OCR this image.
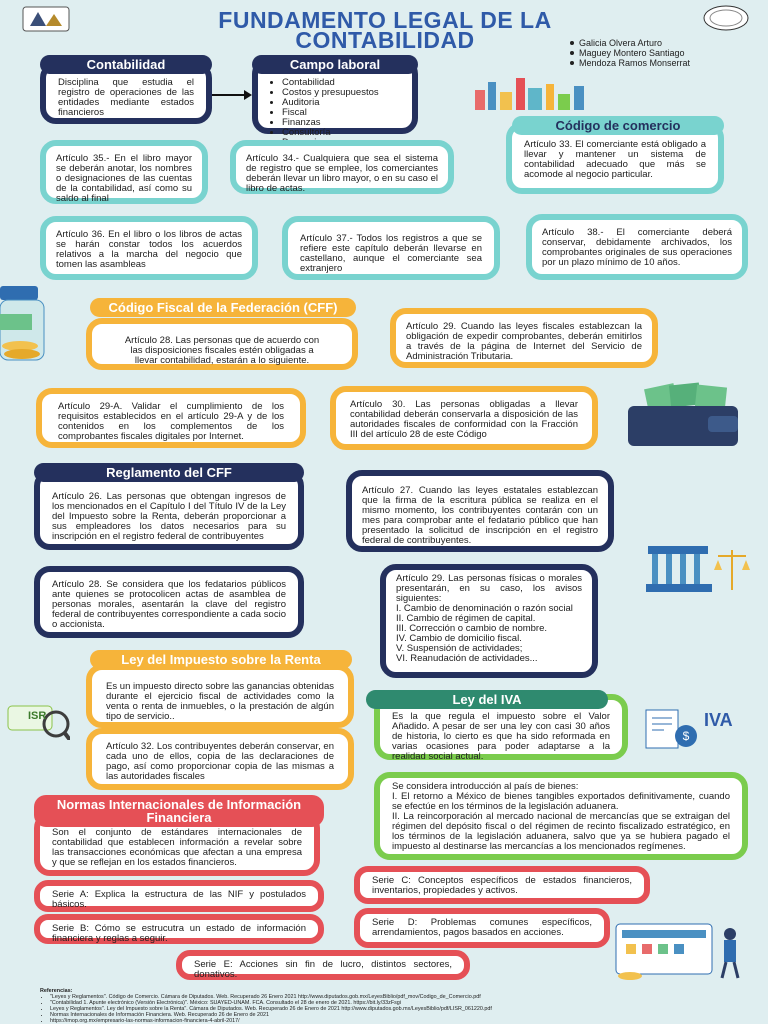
FUNDAMENTO LEGAL DE LA CONTABILIDAD	Galicia Olvera Arturo
Maguey Montero Santiago
Mendoza Ramos Monserrat
Disciplina que estudia el registro de operaciones de las entidades mediante estados financieros
Contabilidad
• Contabilidad
• Costos y presupuestos
• Auditoria
• Fiscal
• Finanzas
• Consultoría
•
Campo laboral
Artículo 33. El comerciante está obligado a llevar y mantener un sistema de contabilidad adecuado que más se acomode al negocio particular.
Código de comercio
Artículo 35.- En el libro mayor se deberán anotar, los nombres o designaciones de las cuentas de la contabilidad, así como su saldo al final
Artículo 34.- Cualquiera que sea el sistema de registro que se emplee, los comerciantes deberán llevar un libro mayor, o en su caso el libro de actas.
Artículo 36. En el libro o los libros de actas se harán constar todos los acuerdos relativos a la marcha del negocio que tomen las asambleas
Artículo 37.- Todos los registros a que se refiere este capítulo deberán llevarse en castellano, aunque el comerciante sea extranjero
Artículo 38.- El comerciante deberá conservar, debidamente archivados, los comprobantes originales de sus operaciones por un plazo mínimo de 10 años.
Artículo 28. Las personas que de acuerdo con las disposiciones fiscales estén obligadas a llevar contabilidad, estarán a lo siguiente.
Código Fiscal de la Federación (CFF)
Artículo 29. Cuando las leyes fiscales establezcan la obligación de expedir comprobantes, deberán emitirlos a través de la página de Internet del Servicio de Administración Tributaria.
Artículo 29-A. Validar el cumplimiento de los requisitos establecidos en el artículo 29-A y de los contenidos en los complementos de los comprobantes fiscales digitales por Internet.
Artículo 30. Las personas obligadas a llevar contabilidad deberán conservarla a disposición de las autoridades fiscales de conformidad con la Fracción III del artículo 28 de este Código
Artículo 26. Las personas que obtengan ingresos de los mencionados en el Capítulo I del Título IV de la Ley del Impuesto sobre la Renta, deberán proporcionar a sus empleadores los datos necesarios para su inscripción en el registro federal de contribuyentes
Reglamento del CFF
Artículo 27. Cuando las leyes estatales establezcan que la firma de la escritura pública se realiza en el mismo momento, los contribuyentes contarán con un mes para comprobar ante el fedatario público que han presentado la solicitud de inscripción en el registro federal de contribuyentes.
Artículo 28. Se considera que los fedatarios públicos ante quienes se protocolicen actas de asamblea de personas morales, asentarán la clave del registro federal de contribuyentes correspondiente a cada socio o accionista.
Artículo 29. Las personas físicas o morales presentarán, en su caso, los avisos siguientes:
I. Cambio de denominación o razón social
II. Cambio de régimen de capital.
III. Corrección o cambio de nombre.
IV. Cambio de domicilio fiscal.
V. Suspensión de actividades;
VI. Reanudación de actividades...
Es un impuesto directo sobre las ganancias obtenidas durante el ejercicio fiscal de actividades como la venta o renta de inmuebles, o la prestación de algún tipo de servicio..
Ley del Impuesto sobre la Renta
ISR
Artículo 32. Los contribuyentes deberán conservar, en cada uno de ellos, copia de las declaraciones de pago, así como proporcionar copia de las mismas a las autoridades fiscales
Es la que regula el impuesto sobre el Valor Añadido. A pesar de ser una ley con casi 30 años de historia, lo cierto es que ha sido reformada en varias ocasiones para poder adaptarse a la realidad social actual.
Ley del IVA
$
IVA
Se considera introducción al país de bienes:
I. El retorno a México de bienes tangibles exportados definitivamente, cuando se efectúe en los términos de la legislación aduanera.
II. La reincorporación al mercado nacional de mercancías que se extraigan del régimen del depósito fiscal o del régimen de recinto fiscalizado estratégico, en los términos de la legislación aduanera, salvo que ya se hubiera pagado el impuesto al destinarse las mercancías a los mencionados regímenes.
Son el conjunto de estándares internacionales de contabilidad que establecen información a revelar sobre las transacciones económicas que afectan a una empresa y que se reflejan en los estados financieros.
Normas Internacionales de Información Financiera
Serie A: Explica la estructura de las NIF y postulados básicos.
Serie B: Cómo se estrucutra un estado de información financiera y reglas a seguir.
Serie C: Conceptos específicos de estados financieros, inventarios, propiedades y activos.
Serie D: Problemas comunes específicos, arrendamientos, pagos basados en acciones.
Serie E: Acciones sin fin de lucro, distintos sectores, donativos.
Referencias:
• "Leyes y Reglamentos". Código de Comercio. Cámara de Diputados. Web. Recuperado 26 Enero 2021 http://www.diputados.gob.mx/LeyesBiblio/pdf_mov/Codigo_de_Comercio.pdf
• "Contabilidad 1. Apunte electrónico (Versión Electrónica)". México: SUAYED-UNAM. FCA. Consultado el 28 de enero de 2021. https://bit.ly/33zFsgi
• Leyes y Reglamentos". Ley del Impuesto sobre la Renta". Cámara de Diputados. Web. Recuperado 26 de Enero de 2021 http://www.diputados.gob.mx/LeyesBiblio/pdf/LISR_061220.pdf
• Normas Internacionales de Información Financiera. Web. Recuperado 26 de Enero de 2021
• https://imop.org.mx/empresario-las-normas-informacion-financiera-4-abril-2017/
